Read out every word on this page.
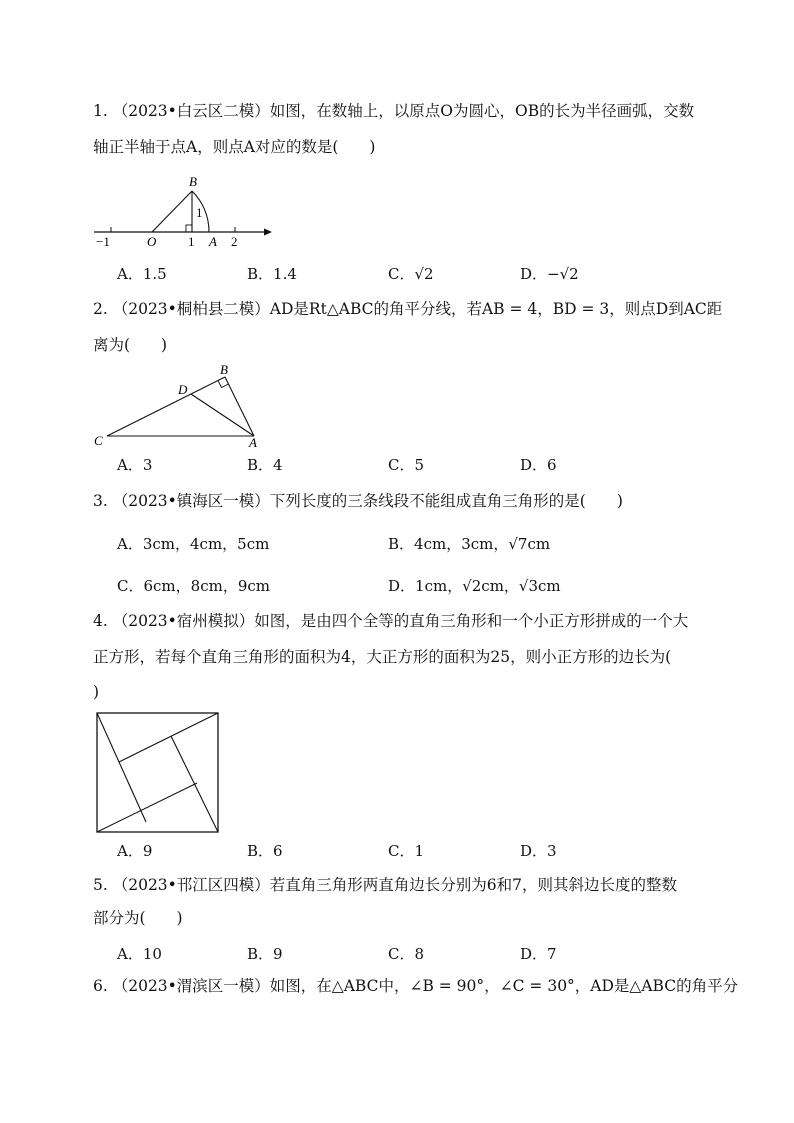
1. （2023•白云区二模）如图，在数轴上，以原点O为圆心，OB的长为半径画弧，交数
轴正半轴于点A，则点A对应的数是(　　)
B
1
−1	O 1 A 2
A．1.5	B．1.4	C．√2	D．−√2
2. （2023•桐柏县二模）AD是Rt△ABC的角平分线，若AB = 4，BD = 3，则点D到AC距
离为(　　)
B
D
C	A
A．3	B．4	C．5	D．6
3. （2023•镇海区一模）下列长度的三条线段不能组成直角三角形的是(　　)
A．3cm，4cm，5cm	B．4cm，3cm，√7cm
C．6cm，8cm，9cm	D．1cm，√2cm，√3cm
4. （2023•宿州模拟）如图，是由四个全等的直角三角形和一个小正方形拼成的一个大
正方形，若每个直角三角形的面积为4，大正方形的面积为25，则小正方形的边长为(
)
A．9	B．6	C．1	D．3
5. （2023•邗江区四模）若直角三角形两直角边长分别为6和7，则其斜边长度的整数
部分为(　　)
A．10	B．9	C．8	D．7
6. （2023•渭滨区一模）如图，在△ABC中，∠B = 90°，∠C = 30°，AD是△ABC的角平分
